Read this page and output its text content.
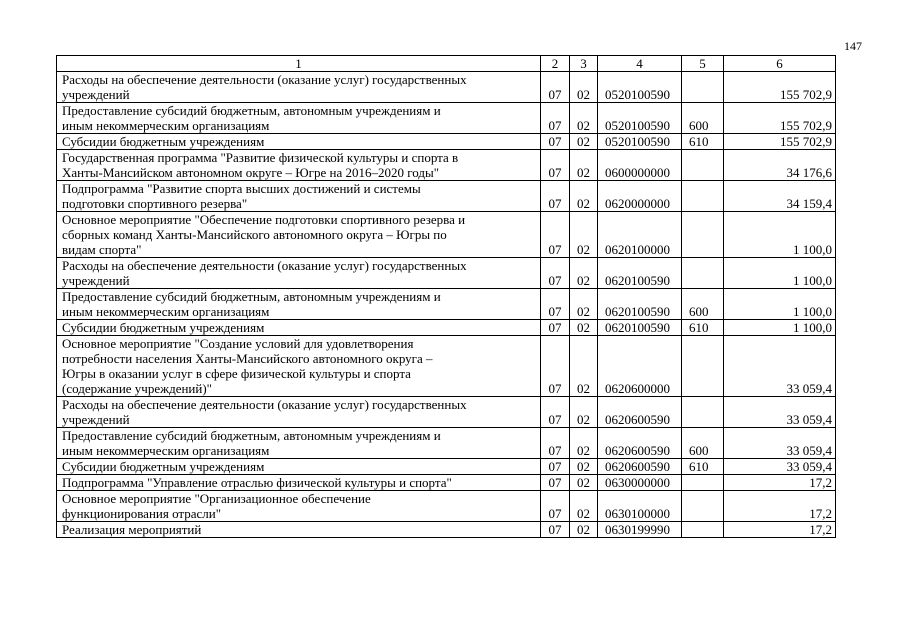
147
1	2	3	4	5	6

Расходы на обеспечение деятельности (оказание услуг) государственных
учреждений	07	02	0520100590		155 702,9

Предоставление субсидий бюджетным, автономным учреждениям и
иным некоммерческим организациям	07	02	0520100590	600	155 702,9

Субсидии бюджетным учреждениям	07	02	0520100590	610	155 702,9

Государственная программа "Развитие физической культуры и спорта в
Ханты-Мансийском автономном округе – Югре на 2016–2020 годы"	07	02	0600000000		34 176,6

Подпрограмма "Развитие спорта высших достижений и системы
подготовки спортивного резерва"	07	02	0620000000		34 159,4

Основное мероприятие "Обеспечение подготовки спортивного резерва и
сборных команд Ханты-Мансийского автономного округа – Югры по
видам спорта"	07	02	0620100000		1 100,0

Расходы на обеспечение деятельности (оказание услуг) государственных
учреждений	07	02	0620100590		1 100,0

Предоставление субсидий бюджетным, автономным учреждениям и
иным некоммерческим организациям	07	02	0620100590	600	1 100,0

Субсидии бюджетным учреждениям	07	02	0620100590	610	1 100,0

Основное мероприятие "Создание условий для удовлетворения
потребности населения Ханты-Мансийского автономного округа –
Югры в оказании услуг в сфере физической культуры и спорта
(содержание учреждений)"	07	02	0620600000		33 059,4

Расходы на обеспечение деятельности (оказание услуг) государственных
учреждений	07	02	0620600590		33 059,4

Предоставление субсидий бюджетным, автономным учреждениям и
иным некоммерческим организациям	07	02	0620600590	600	33 059,4

Субсидии бюджетным учреждениям	07	02	0620600590	610	33 059,4

Подпрограмма "Управление отраслью физической культуры и спорта"	07	02	0630000000		17,2

Основное мероприятие "Организационное обеспечение
функционирования отрасли"	07	02	0630100000		17,2

Реализация мероприятий	07	02	0630199990		17,2
